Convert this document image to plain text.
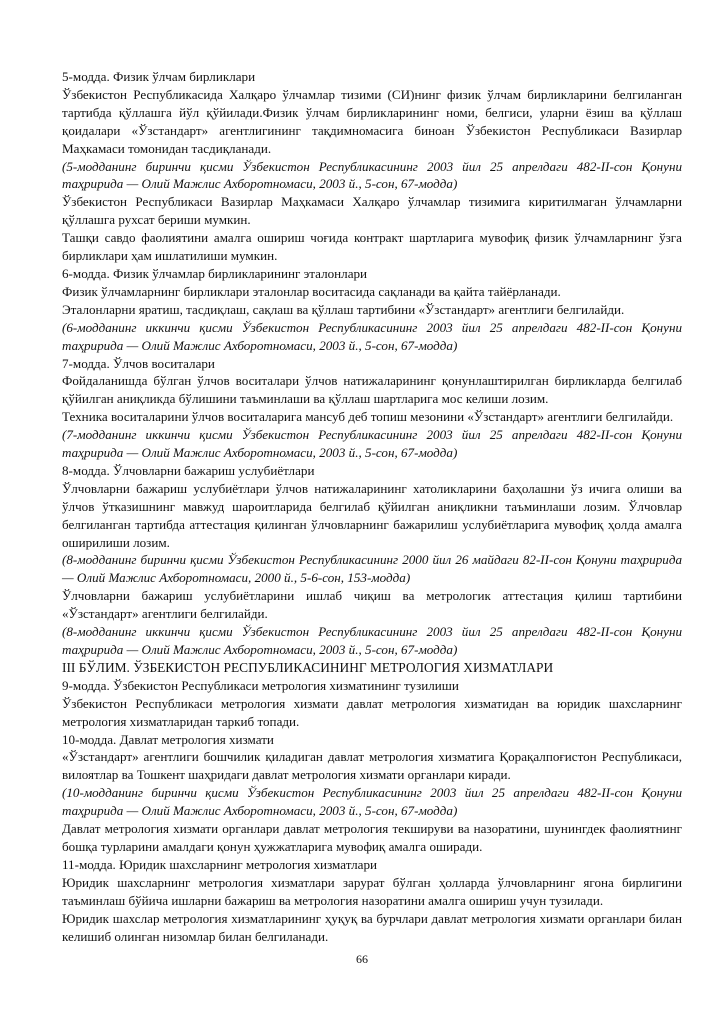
5-модда. Физик ўлчам бирликлари

Ўзбекистон Республикасида Халқаро ўлчамлар тизими (СИ)нинг физик ўлчам бирликларини белгиланган тартибда қўллашга йўл қўйилади.Физик ўлчам бирликларининг номи, белгиси, уларни ёзиш ва қўллаш қоидалари «Ўзстандарт» агентлигининг тақдимномасига биноан Ўзбекистон Республикаси Вазирлар Маҳкамаси томонидан тасдиқланади.

(5-модданинг биринчи қисми Ўзбекистон Республикасининг 2003 йил 25 апрелдаги 482-II-сон Қонуни таҳририда — Олий Мажлис Ахборотномаси, 2003 й., 5-сон, 67-модда)

Ўзбекистон Республикаси Вазирлар Маҳкамаси Халқаро ўлчамлар тизимига киритилмаган ўлчамларни қўллашга рухсат бериши мумкин.

Ташқи савдо фаолиятини амалга ошириш чоғида контракт шартларига мувофиқ физик ўлчамларнинг ўзга бирликлари ҳам ишлатилиши мумкин.

6-модда. Физик ўлчамлар бирликларининг эталонлари

Физик ўлчамларнинг бирликлари эталонлар воситасида сақланади ва қайта тайёрланади.

Эталонларни яратиш, тасдиқлаш, сақлаш ва қўллаш тартибини «Ўзстандарт» агентлиги белгилайди.

(6-модданинг иккинчи қисми Ўзбекистон Республикасининг 2003 йил 25 апрелдаги 482-II-сон Қонуни таҳририда — Олий Мажлис Ахборотномаси, 2003 й., 5-сон, 67-модда)

7-модда. Ўлчов воситалари

Фойдаланишда бўлган ўлчов воситалари ўлчов натижаларининг қонунлаштирилган бирликларда белгилаб қўйилган аниқликда бўлишини таъминлаши ва қўллаш шартларига мос келиши лозим.

Техника воситаларини ўлчов воситаларига мансуб деб топиш мезонини «Ўзстандарт» агентлиги белгилайди.

(7-модданинг иккинчи қисми Ўзбекистон Республикасининг 2003 йил 25 апрелдаги 482-II-сон Қонуни таҳририда — Олий Мажлис Ахборотномаси, 2003 й., 5-сон, 67-модда)

8-модда. Ўлчовларни бажариш услубиётлари

Ўлчовларни бажариш услубиётлари ўлчов натижаларининг хатоликларини баҳолашни ўз ичига олиши ва ўлчов ўтказишнинг мавжуд шароитларида белгилаб қўйилган аниқликни таъминлаши лозим. Ўлчовлар белгиланган тартибда аттестация қилинган ўлчовларнинг бажарилиш услубиётларига мувофиқ ҳолда амалга оширилиши лозим.

(8-модданинг биринчи қисми Ўзбекистон Республикасининг 2000 йил 26 майдаги 82-II-сон Қонуни таҳририда — Олий Мажлис Ахборотномаси, 2000 й., 5-6-сон, 153-модда)

Ўлчовларни бажариш услубиётларини ишлаб чиқиш ва метрологик аттестация қилиш тартибини «Ўзстандарт» агентлиги белгилайди.

(8-модданинг иккинчи қисми Ўзбекистон Республикасининг 2003 йил 25 апрелдаги 482-II-сон Қонуни таҳририда — Олий Мажлис Ахборотномаси, 2003 й., 5-сон, 67-модда)

III БЎЛИМ. ЎЗБЕКИСТОН РЕСПУБЛИКАСИНИНГ МЕТРОЛОГИЯ ХИЗМАТЛАРИ

9-модда. Ўзбекистон Республикаси метрология хизматининг тузилиши

Ўзбекистон Республикаси метрология хизмати давлат метрология хизматидан ва юридик шахсларнинг метрология хизматларидан таркиб топади.

10-модда. Давлат метрология хизмати

«Ўзстандарт» агентлиги бошчилик қиладиган давлат метрология хизматига Қорақалпоғистон Республикаси, вилоятлар ва Тошкент шаҳридаги давлат метрология хизмати органлари киради.

(10-модданинг биринчи қисми Ўзбекистон Республикасининг 2003 йил 25 апрелдаги 482-II-сон Қонуни таҳририда — Олий Мажлис Ахборотномаси, 2003 й., 5-сон, 67-модда)

Давлат метрология хизмати органлари давлат метрология текшируви ва назоратини, шунингдек фаолиятнинг бошқа турларини амалдаги қонун ҳужжатларига мувофиқ амалга оширади.

11-модда. Юридик шахсларнинг метрология хизматлари

Юридик шахсларнинг метрология хизматлари зарурат бўлган ҳолларда ўлчовларнинг ягона бирлигини таъминлаш бўйича ишларни бажариш ва метрология назоратини амалга ошириш учун тузилади.

Юридик шахслар метрология хизматларининг ҳуқуқ ва бурчлари давлат метрология хизмати органлари билан келишиб олинган низомлар билан белгиланади.

66
